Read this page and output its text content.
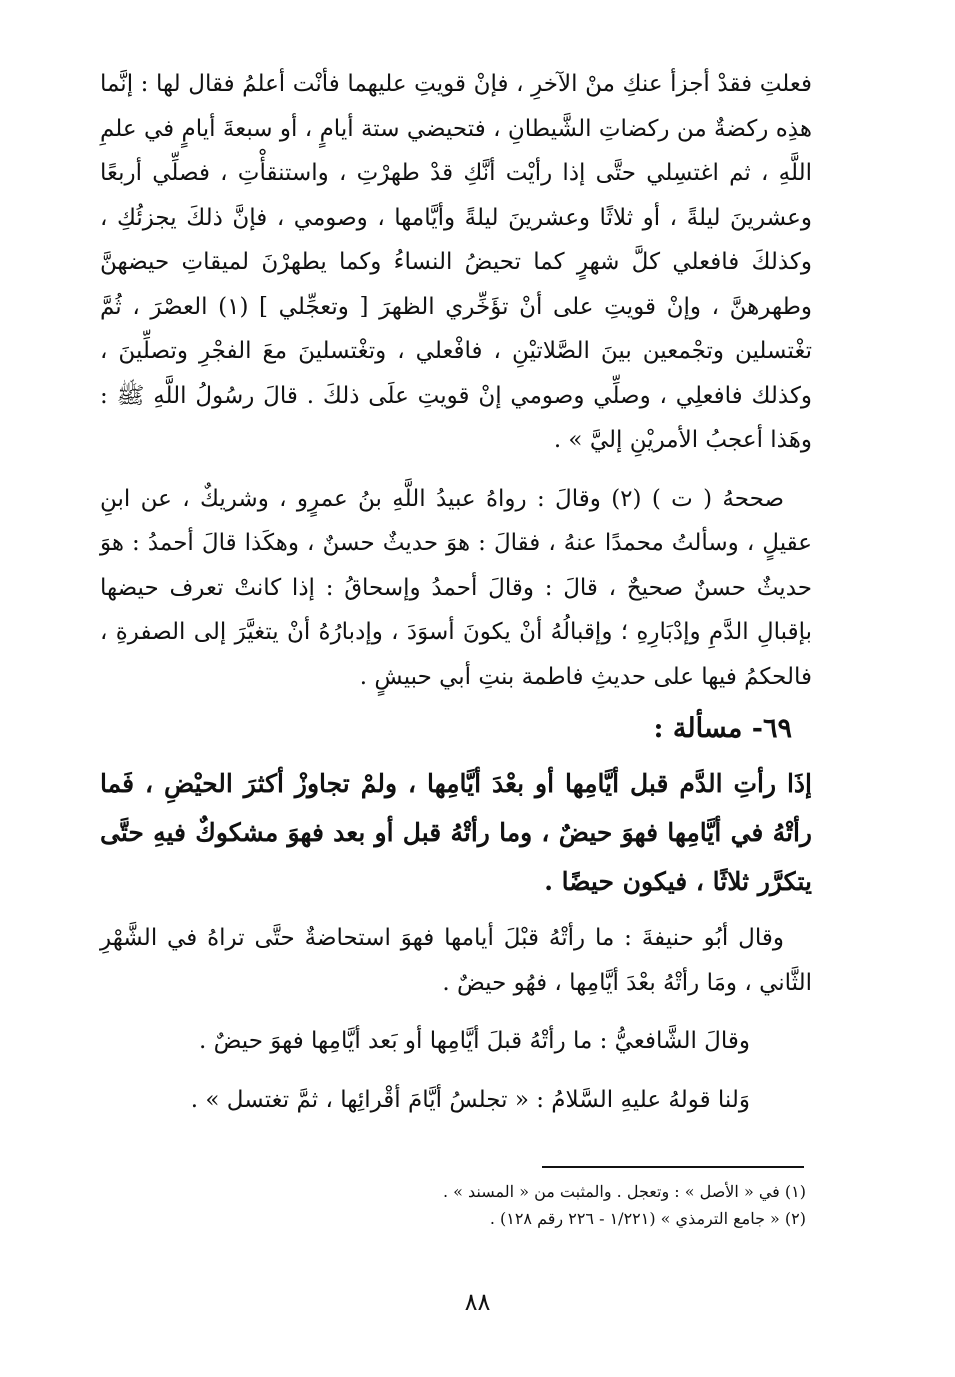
فعلتِ فقدْ أجزأ عنكِ منْ الآخرِ ، فإنْ قويتِ عليهما فأنْت أعلمُ فقال لها : إنَّما هذِه ركضةٌ من ركضاتِ الشَّيطانِ ، فتحيضي ستة أيامٍ ، أو سبعةَ أيامٍ في علمِ اللَّهِ ، ثم اغتسِلي حتَّى إذا رأيْت أنَّكِ قدْ طهرْتِ ، واستنقأْتِ ، فصلِّي أربعًا وعشرينَ ليلةً ، أو ثلاثًا وعشرينَ ليلةً وأيَّامها ، وصومي ، فإنَّ ذلكَ يجزئُكِ ، وكذلكَ فافعلي كلَّ شهرٍ كما تحيضُ النساءُ وكما يطهرْنَ لميقاتِ حيضهنَّ وطهرهنَّ ، وإنْ قويتِ على أنْ تؤَخِّري الظهرَ [ وتعجِّلي ] (١) العصْرَ ، ثُمَّ تغْتسلين وتجْمعين بينَ الصَّلاتيْنِ ، فافْعلي ، وتغْتسلينَ معَ الفجْرِ وتصلِّينَ ، وكذلك فافعلِي ، وصلِّي وصومي إنْ قويتِ علَى ذلكَ . قالَ رسُولُ اللَّهِ ﷺ : وهَذا أعجبُ الأمريْنِ إليَّ » .

صححهُ ( ت ) (٢) وقالَ : رواهُ عبيدُ اللَّهِ بنُ عمرٍو ، وشريكٌ ، عن ابنِ عقيلٍ ، وسألتُ محمدًا عنهُ ، فقالَ : هوَ حديثٌ حسنٌ ، وهكَذا قالَ أحمدُ : هوَ حديثٌ حسنٌ صحيحٌ ، قالَ : وقالَ أحمدُ وإسحاقُ : إذا كانتْ تعرف حيضها بإقبالِ الدَّمِ وإدْبَارِهِ ؛ وإقبالُهُ أنْ يكونَ أسوَدَ ، وإدبارُهُ أنْ يتغيَّرَ إلى الصفرةِ ، فالحكمُ فيها على حديثِ فاطمة بنتِ أبي حبيشٍ .

٦٩- مسألة :

إذَا رأتِ الدَّم قبل أيَّامِها أو بعْدَ أيَّامِها ، ولمْ تجاوزْ أكثرَ الحيْضِ ، فَما رأتْهُ في أيَّامِها فهوَ حيضٌ ، وما رأتْهُ قبل أو بعد فهوَ مشكوكٌ فيهِ حتَّى يتكرَّر ثلاثًا ، فيكون حيضًا .

وقال أبُو حنيفةَ : ما رأتْهُ قبْلَ أيامها فهوَ استحاضةٌ حتَّى تراهُ في الشَّهْرِ الثَّاني ، ومَا رأتْهُ بعْدَ أيَّامِها ، فهُو حيضٌ .

وقالَ الشَّافعيُّ : ما رأتْهُ قبلَ أيَّامِها أو بَعد أيَّامِها فهوَ حيضٌ .

وَلنا قولهُ عليهِ السَّلامُ : « تجلسُ أيَّامَ أقْرائِها ، ثمَّ تغتسل » .

(١) في « الأصل » : وتعجل . والمثبت من « المسند » .

(٢) « جامع الترمذي » (١/٢٢١ - ٢٢٦ رقم ١٢٨) .

٨٨
